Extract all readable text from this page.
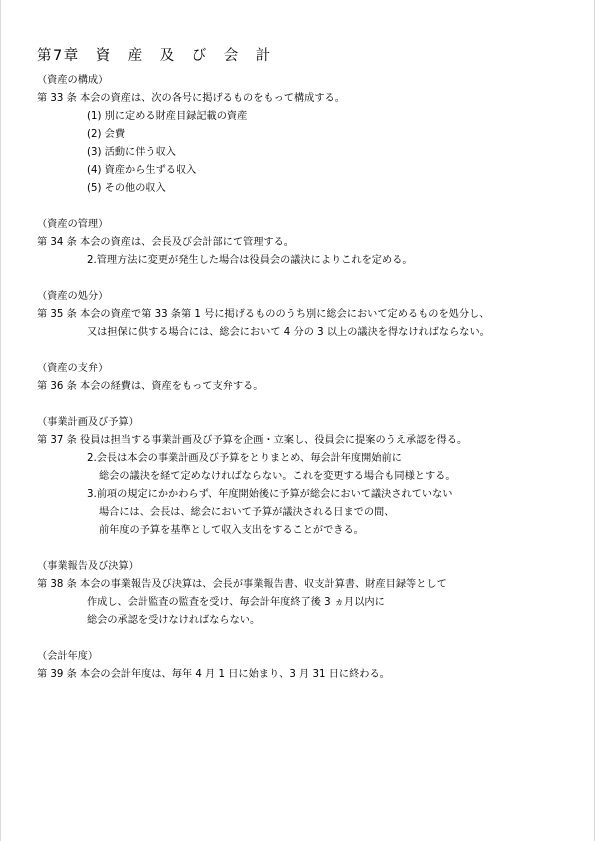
第7章　資　産　及　び　会　計
（資産の構成）
第 33 条 本会の資産は、次の各号に掲げるものをもって構成する。
(1) 別に定める財産目録記載の資産
(2) 会費
(3) 活動に伴う収入
(4) 資産から生ずる収入
(5) その他の収入
（資産の管理）
第 34 条 本会の資産は、会長及び会計部にて管理する。
2.管理方法に変更が発生した場合は役員会の議決によりこれを定める。
（資産の処分）
第 35 条 本会の資産で第 33 条第 1 号に掲げるもののうち別に総会において定めるものを処分し、
又は担保に供する場合には、総会において 4 分の 3 以上の議決を得なければならない。
（資産の支弁）
第 36 条 本会の経費は、資産をもって支弁する。
（事業計画及び予算）
第 37 条 役員は担当する事業計画及び予算を企画・立案し、役員会に提案のうえ承認を得る。
2.会長は本会の事業計画及び予算をとりまとめ、毎会計年度開始前に
総会の議決を経て定めなければならない。これを変更する場合も同様とする。
3.前項の規定にかかわらず、年度開始後に予算が総会において議決されていない
場合には、会長は、総会において予算が議決される日までの間、
前年度の予算を基準として収入支出をすることができる。
（事業報告及び決算）
第 38 条 本会の事業報告及び決算は、会長が事業報告書、収支計算書、財産目録等として
作成し、会計監査の監査を受け、毎会計年度終了後 3 ヵ月以内に
総会の承認を受けなければならない。
（会計年度）
第 39 条 本会の会計年度は、毎年 4 月 1 日に始まり、3 月 31 日に終わる。
